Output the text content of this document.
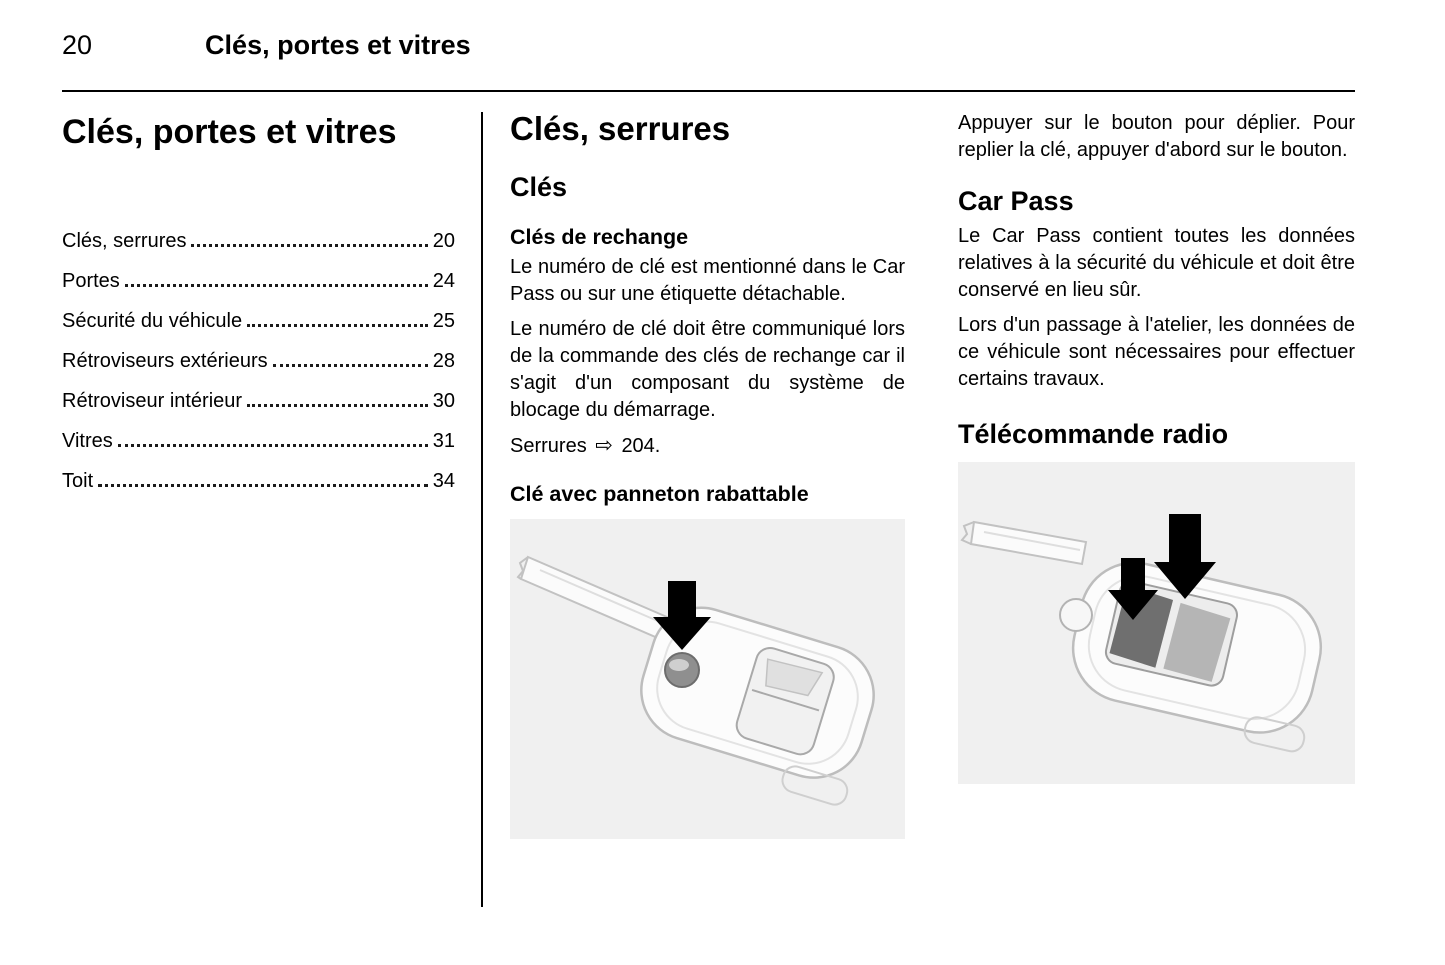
20	Clés, portes et vitres
Clés, portes et vitres
Clés, serrures	20
Portes	24
Sécurité du véhicule	25
Rétroviseurs extérieurs	28
Rétroviseur intérieur	30
Vitres	31
Toit	34
Clés, serrures
Clés
Clés de rechange

Le numéro de clé est mentionné dans le Car Pass ou sur une étiquette détachable.

Le numéro de clé doit être communiqué lors de la commande des clés de rechange car il s'agit d'un composant du système de blocage du démarrage.

Serrures ⇨ 204.

Clé avec panneton rabattable

Appuyer sur le bouton pour déplier. Pour replier la clé, appuyer d'abord sur le bouton.

Car Pass

Le Car Pass contient toutes les données relatives à la sécurité du véhicule et doit être conservé en lieu sûr.

Lors d'un passage à l'atelier, les données de ce véhicule sont nécessaires pour effectuer certains travaux.

Télécommande radio
